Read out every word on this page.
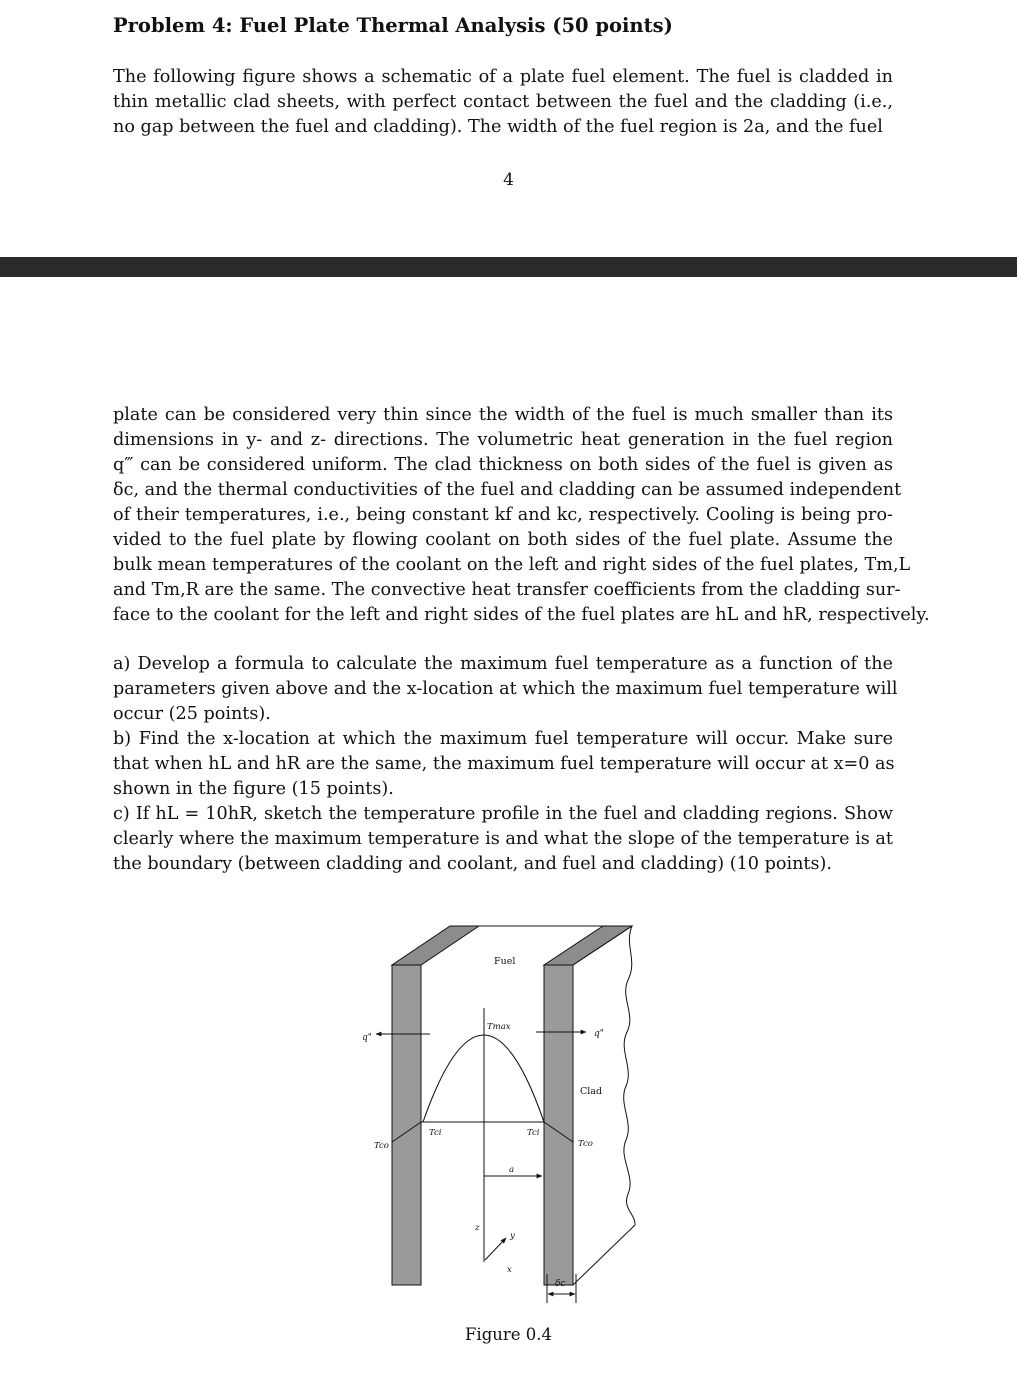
Problem 4: Fuel Plate Thermal Analysis (50 points)

The following figure shows a schematic of a plate fuel element. The fuel is cladded in
thin metallic clad sheets, with perfect contact between the fuel and the cladding (i.e.,
no gap between the fuel and cladding). The width of the fuel region is 2a, and the fuel

4

plate can be considered very thin since the width of the fuel is much smaller than its
dimensions in y- and z- directions. The volumetric heat generation in the fuel region
q‴ can be considered uniform. The clad thickness on both sides of the fuel is given as
δc, and the thermal conductivities of the fuel and cladding can be assumed independent
of their temperatures, i.e., being constant kf and kc, respectively. Cooling is being pro-
vided to the fuel plate by flowing coolant on both sides of the fuel plate. Assume the
bulk mean temperatures of the coolant on the left and right sides of the fuel plates, Tm,L
and Tm,R are the same. The convective heat transfer coefficients from the cladding sur-
face to the coolant for the left and right sides of the fuel plates are hL and hR, respectively.

a) Develop a formula to calculate the maximum fuel temperature as a function of the
parameters given above and the x-location at which the maximum fuel temperature will
occur (25 points).
b) Find the x-location at which the maximum fuel temperature will occur. Make sure
that when hL and hR are the same, the maximum fuel temperature will occur at x=0 as
shown in the figure (15 points).
c) If hL = 10hR, sketch the temperature profile in the fuel and cladding regions. Show
clearly where the maximum temperature is and what the slope of the temperature is at
the boundary (between cladding and coolant, and fuel and cladding) (10 points).

Fuel
Tmax
q"	q"
Clad
Tci	Tci
Tco	Tco
a
z
y
x
δc
Figure 0.4
